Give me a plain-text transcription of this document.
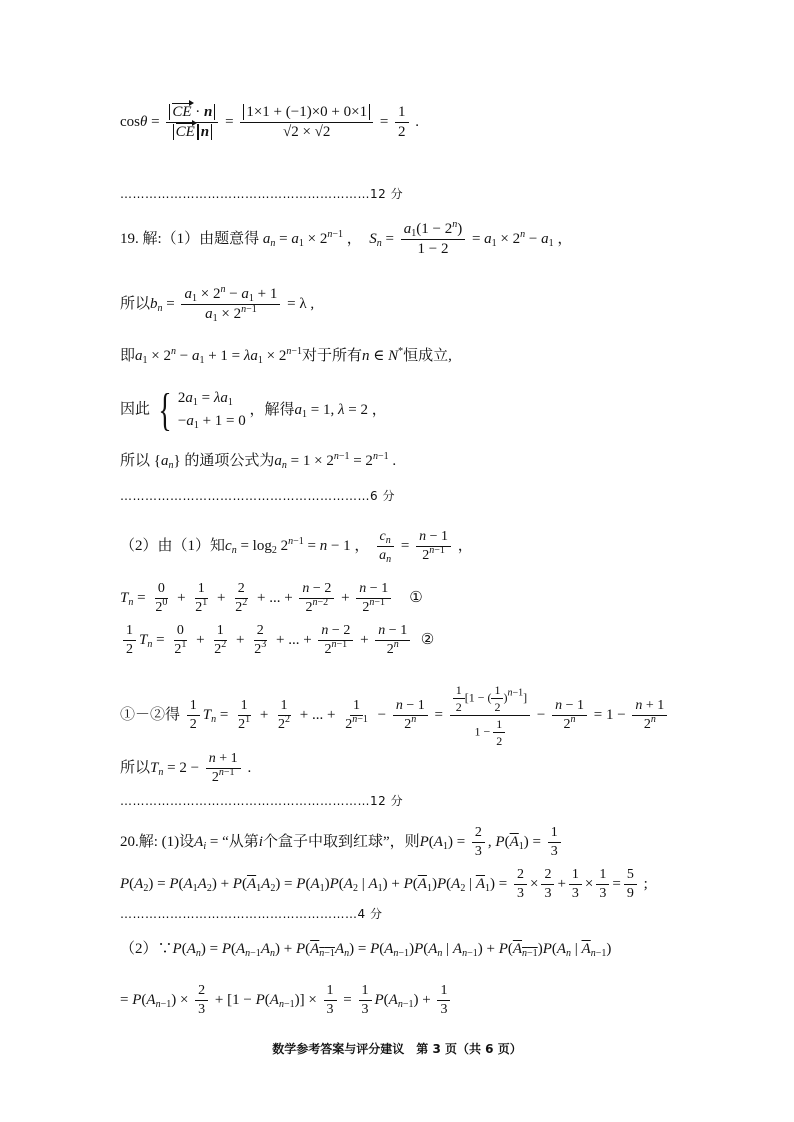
cosθ =
CE · n
CE n
= $\frac{1\times 1 + (-1)\times 0 + 0\times 1}{√2 \times √2} = \frac{1}{2}$ .
……………………………………………………12 分
19. 解:（1）由题意得 $a_n = a_1 \times 2^{n-1}$ ，  $S_n = \frac{a_1(1 - 2^n)}{1 - 2} = a_1 \times 2^n - a_1$ ，
所以$b_n = \frac{a_1 \times 2^n - a_1 + 1}{a_1 \times 2^{n-1}} = \lambda$ ,
即$a_1 \times 2^n - a_1 + 1 = \lambda a_1 \times 2^{n-1}$对于所有n ∈ N*恒成立,
因此 { $2a_1 = \lambda a_1$
$-a_1 + 1 = 0$
，解得$a_1 = 1$, λ = 2 ，
所以 $\{a_n\}$ 的通项公式为$a_n = 1 \times 2^{n-1} = 2^{n-1}$ .
……………………………………………………6 分
（2）由（1）知$c_n = \log_2 2^{n-1} = n - 1$ ， $\frac{c_n}{a_n} = \frac{n - 1}{2^{n-1}}$ ，
$T_n = \frac{0}{2^0} + \frac{1}{2^1} + \frac{2}{2^2}$ + ... + $\frac{n - 2}{2^{n-2}} + \frac{n - 1}{2^{n-1}}$ ①
$\frac{1}{2} T_n = \frac{0}{2^1} + \frac{1}{2^2} + \frac{2}{2^3}$ + ... + $\frac{n - 2}{2^{n-1}} + \frac{n - 1}{2^n}$ ②
①－②得 $\frac{1}{2} T_n = \frac{1}{2^1} + \frac{1}{2^2}$ + ... + $\frac{1}{2^{n-1}} - \frac{n - 1}{2^n} = \frac{\frac{1}{2} [1 - ( \frac{1}{2} )^{n-1}]}{1 - \frac{1}{2}} - \frac{n - 1}{2^n} = 1 - \frac{n + 1}{2^n}$
所以$T_n = 2 - \frac{n + 1}{2^{n-1}}$ .
……………………………………………………12 分
20.解: (1)设$A_i$ = “从第i个盒子中取到红球”，则$P(A_1) = \frac{2}{3}$ , $P(\overline{A}_1) = \frac{1}{3}$
$P(A_2) = P(A_1A_2) + P(\overline{A}_1A_2) = P(A_1)P(A_2$ | $A_1) + P(\overline{A}_1)P(A_2$ | $\overline{A}_1) = \frac{2}{3} \times \frac{2}{3} + \frac{1}{3} \times \frac{1}{3} = \frac{5}{9}$ ;
…………………………………………………4 分
$(2)\because P(A_n) = P(A_{n-1}A_n) + P(A_{n-1}A_n) = P(A_{n-1})P(A_n$ | $A_{n-1}) + P(A_{n-1})P(A_n$ | $\overline{A}_{n-1}$)
= $P(A_{n-1}) \times \frac{2}{3} + [1 - P(A_{n-1})] \times \frac{1}{3} = \frac{1}{3} P(A_{n-1}) + \frac{1}{3}$
数学参考答案与评分建议　第 3 页（共 6 页）
